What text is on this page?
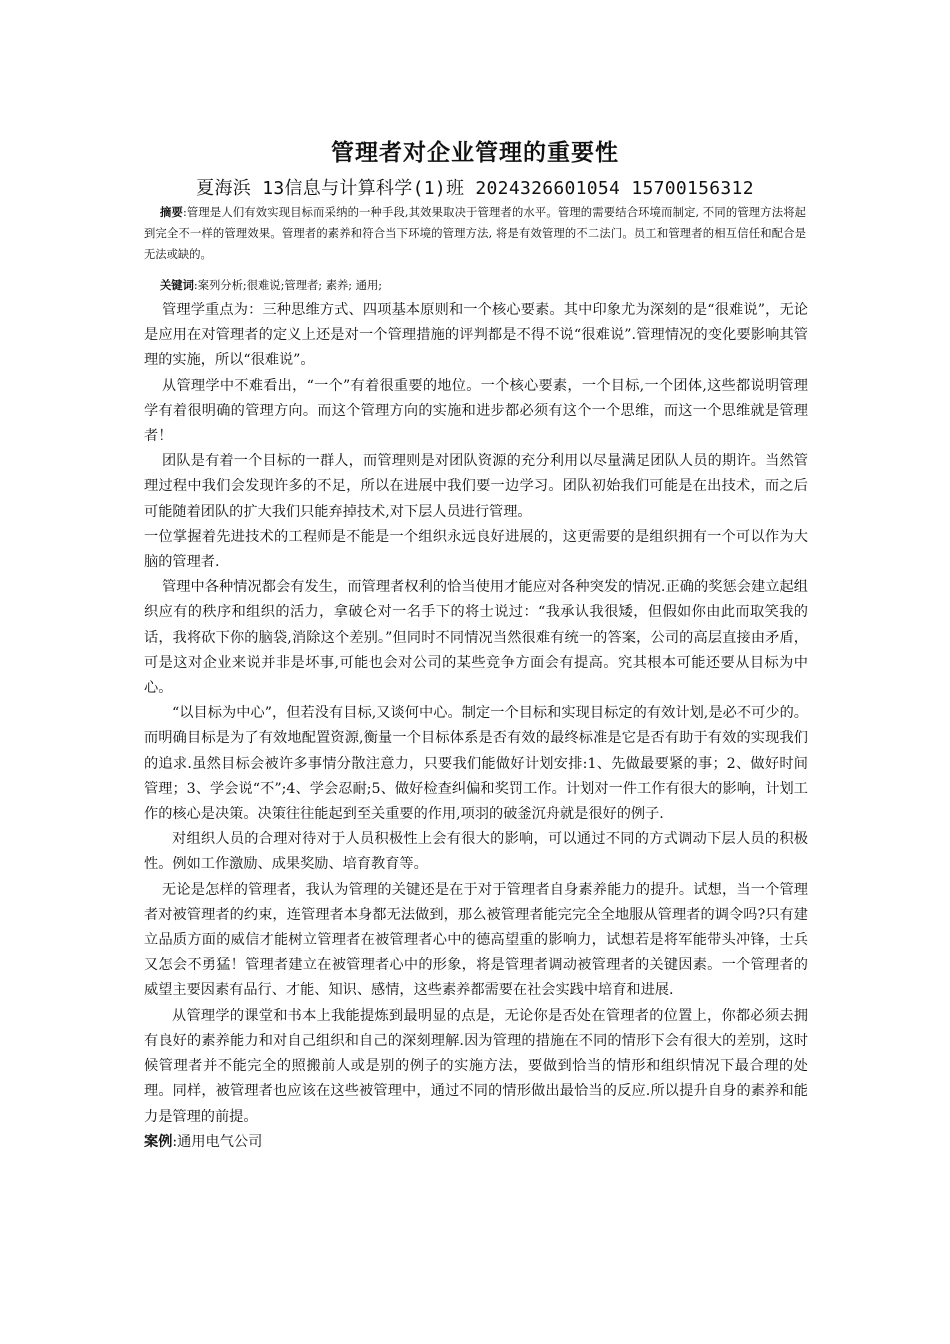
管理者对企业管理的重要性
夏海浜 13信息与计算科学(1)班 2024326601054 15700156312
摘要:管理是人们有效实现目标而采纳的一种手段,其效果取决于管理者的水平。管理的需要结合环境而制定, 不同的管理方法将起到完全不一样的管理效果。管理者的素养和符合当下环境的管理方法, 将是有效管理的不二法门。员工和管理者的相互信任和配合是无法或缺的。
关键词:案列分析;很难说;管理者; 素养; 通用;

管理学重点为：三种思维方式、四项基本原则和一个核心要素。其中印象尤为深刻的是“很难说”，无论是应用在对管理者的定义上还是对一个管理措施的评判都是不得不说“很难说”.管理情况的变化要影响其管理的实施，所以“很难说”。

从管理学中不难看出，“一个”有着很重要的地位。一个核心要素，一个目标,一个团体,这些都说明管理学有着很明确的管理方向。而这个管理方向的实施和进步都必须有这个一个思维，而这一个思维就是管理者！

团队是有着一个目标的一群人，而管理则是对团队资源的充分利用以尽量满足团队人员的期许。当然管理过程中我们会发现许多的不足，所以在进展中我们要一边学习。团队初始我们可能是在出技术，而之后可能随着团队的扩大我们只能弃掉技术,对下层人员进行管理。

一位掌握着先进技术的工程师是不能是一个组织永远良好进展的，这更需要的是组织拥有一个可以作为大脑的管理者.

管理中各种情况都会有发生，而管理者权利的恰当使用才能应对各种突发的情况.正确的奖惩会建立起组织应有的秩序和组织的活力，拿破仑对一名手下的将士说过：“我承认我很矮，但假如你由此而取笑我的话，我将砍下你的脑袋,消除这个差别。”但同时不同情况当然很难有统一的答案，公司的高层直接由矛盾，可是这对企业来说并非是坏事,可能也会对公司的某些竞争方面会有提高。究其根本可能还要从目标为中心。

“以目标为中心”，但若没有目标,又谈何中心。制定一个目标和实现目标定的有效计划,是必不可少的。而明确目标是为了有效地配置资源,衡量一个目标体系是否有效的最终标准是它是否有助于有效的实现我们的追求.虽然目标会被许多事情分散注意力，只要我们能做好计划安排:1、先做最要紧的事；2、做好时间管理；3、学会说“不”;4、学会忍耐;5、做好检查纠偏和奖罚工作。计划对一件工作有很大的影响，计划工作的核心是决策。决策往往能起到至关重要的作用,项羽的破釜沉舟就是很好的例子.

对组织人员的合理对待对于人员积极性上会有很大的影响，可以通过不同的方式调动下层人员的积极性。例如工作激励、成果奖励、培育教育等。

无论是怎样的管理者，我认为管理的关键还是在于对于管理者自身素养能力的提升。试想，当一个管理者对被管理者的约束，连管理者本身都无法做到，那么被管理者能完完全全地服从管理者的调令吗?只有建立品质方面的威信才能树立管理者在被管理者心中的德高望重的影响力，试想若是将军能带头冲锋，士兵又怎会不勇猛！管理者建立在被管理者心中的形象，将是管理者调动被管理者的关键因素。一个管理者的威望主要因素有品行、才能、知识、感情，这些素养都需要在社会实践中培育和进展.

从管理学的课堂和书本上我能提炼到最明显的点是，无论你是否处在管理者的位置上，你都必须去拥有良好的素养能力和对自己组织和自己的深刻理解.因为管理的措施在不同的情形下会有很大的差别，这时候管理者并不能完全的照搬前人或是别的例子的实施方法，要做到恰当的情形和组织情况下最合理的处理。同样，被管理者也应该在这些被管理中，通过不同的情形做出最恰当的反应.所以提升自身的素养和能力是管理的前提。

案例:通用电气公司
